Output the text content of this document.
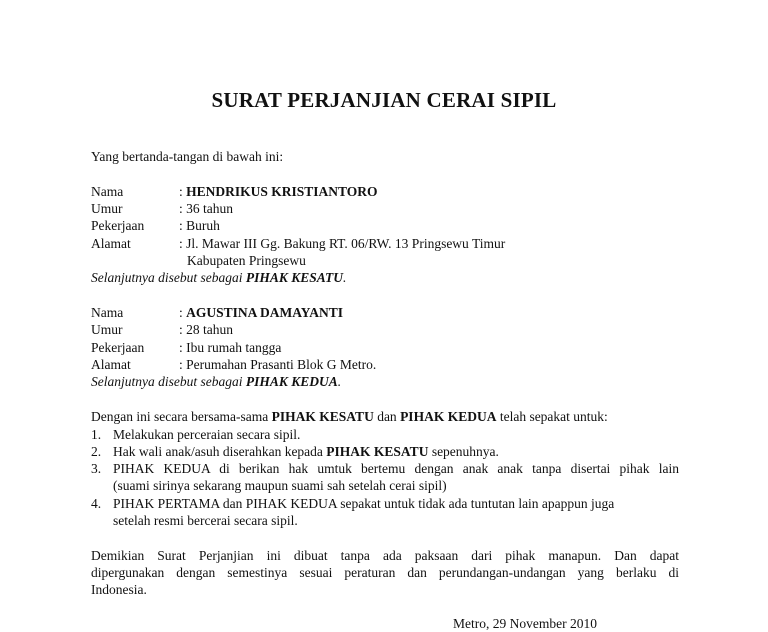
SURAT PERJANJIAN CERAI SIPIL
Yang bertanda-tangan di bawah ini:
Nama	: HENDRIKUS KRISTIANTORO
Umur	: 36 tahun
Pekerjaan	: Buruh
Alamat	: Jl. Mawar III Gg. Bakung RT. 06/RW. 13 Pringsewu Timur
Kabupaten Pringsewu
Selanjutnya disebut sebagai PIHAK KESATU.
Nama	: AGUSTINA DAMAYANTI
Umur	: 28 tahun
Pekerjaan	: Ibu rumah tangga
Alamat	: Perumahan Prasanti Blok G Metro.
Selanjutnya disebut sebagai PIHAK KEDUA.
Dengan ini secara bersama-sama PIHAK KESATU dan PIHAK KEDUA telah sepakat untuk:
1. Melakukan perceraian secara sipil.
2. Hak wali anak/asuh diserahkan kepada PIHAK KESATU sepenuhnya.
3. PIHAK KEDUA di berikan hak umtuk bertemu dengan anak anak tanpa disertai pihak lain
(suami sirinya sekarang maupun suami sah setelah cerai sipil)
4. PIHAK PERTAMA dan PIHAK KEDUA sepakat untuk tidak ada tuntutan lain apappun juga
setelah resmi bercerai secara sipil.
Demikian Surat Perjanjian ini dibuat tanpa ada paksaan dari pihak manapun. Dan dapat
dipergunakan dengan semestinya sesuai peraturan dan perundangan-undangan yang berlaku di
Indonesia.
Metro, 29 November 2010
